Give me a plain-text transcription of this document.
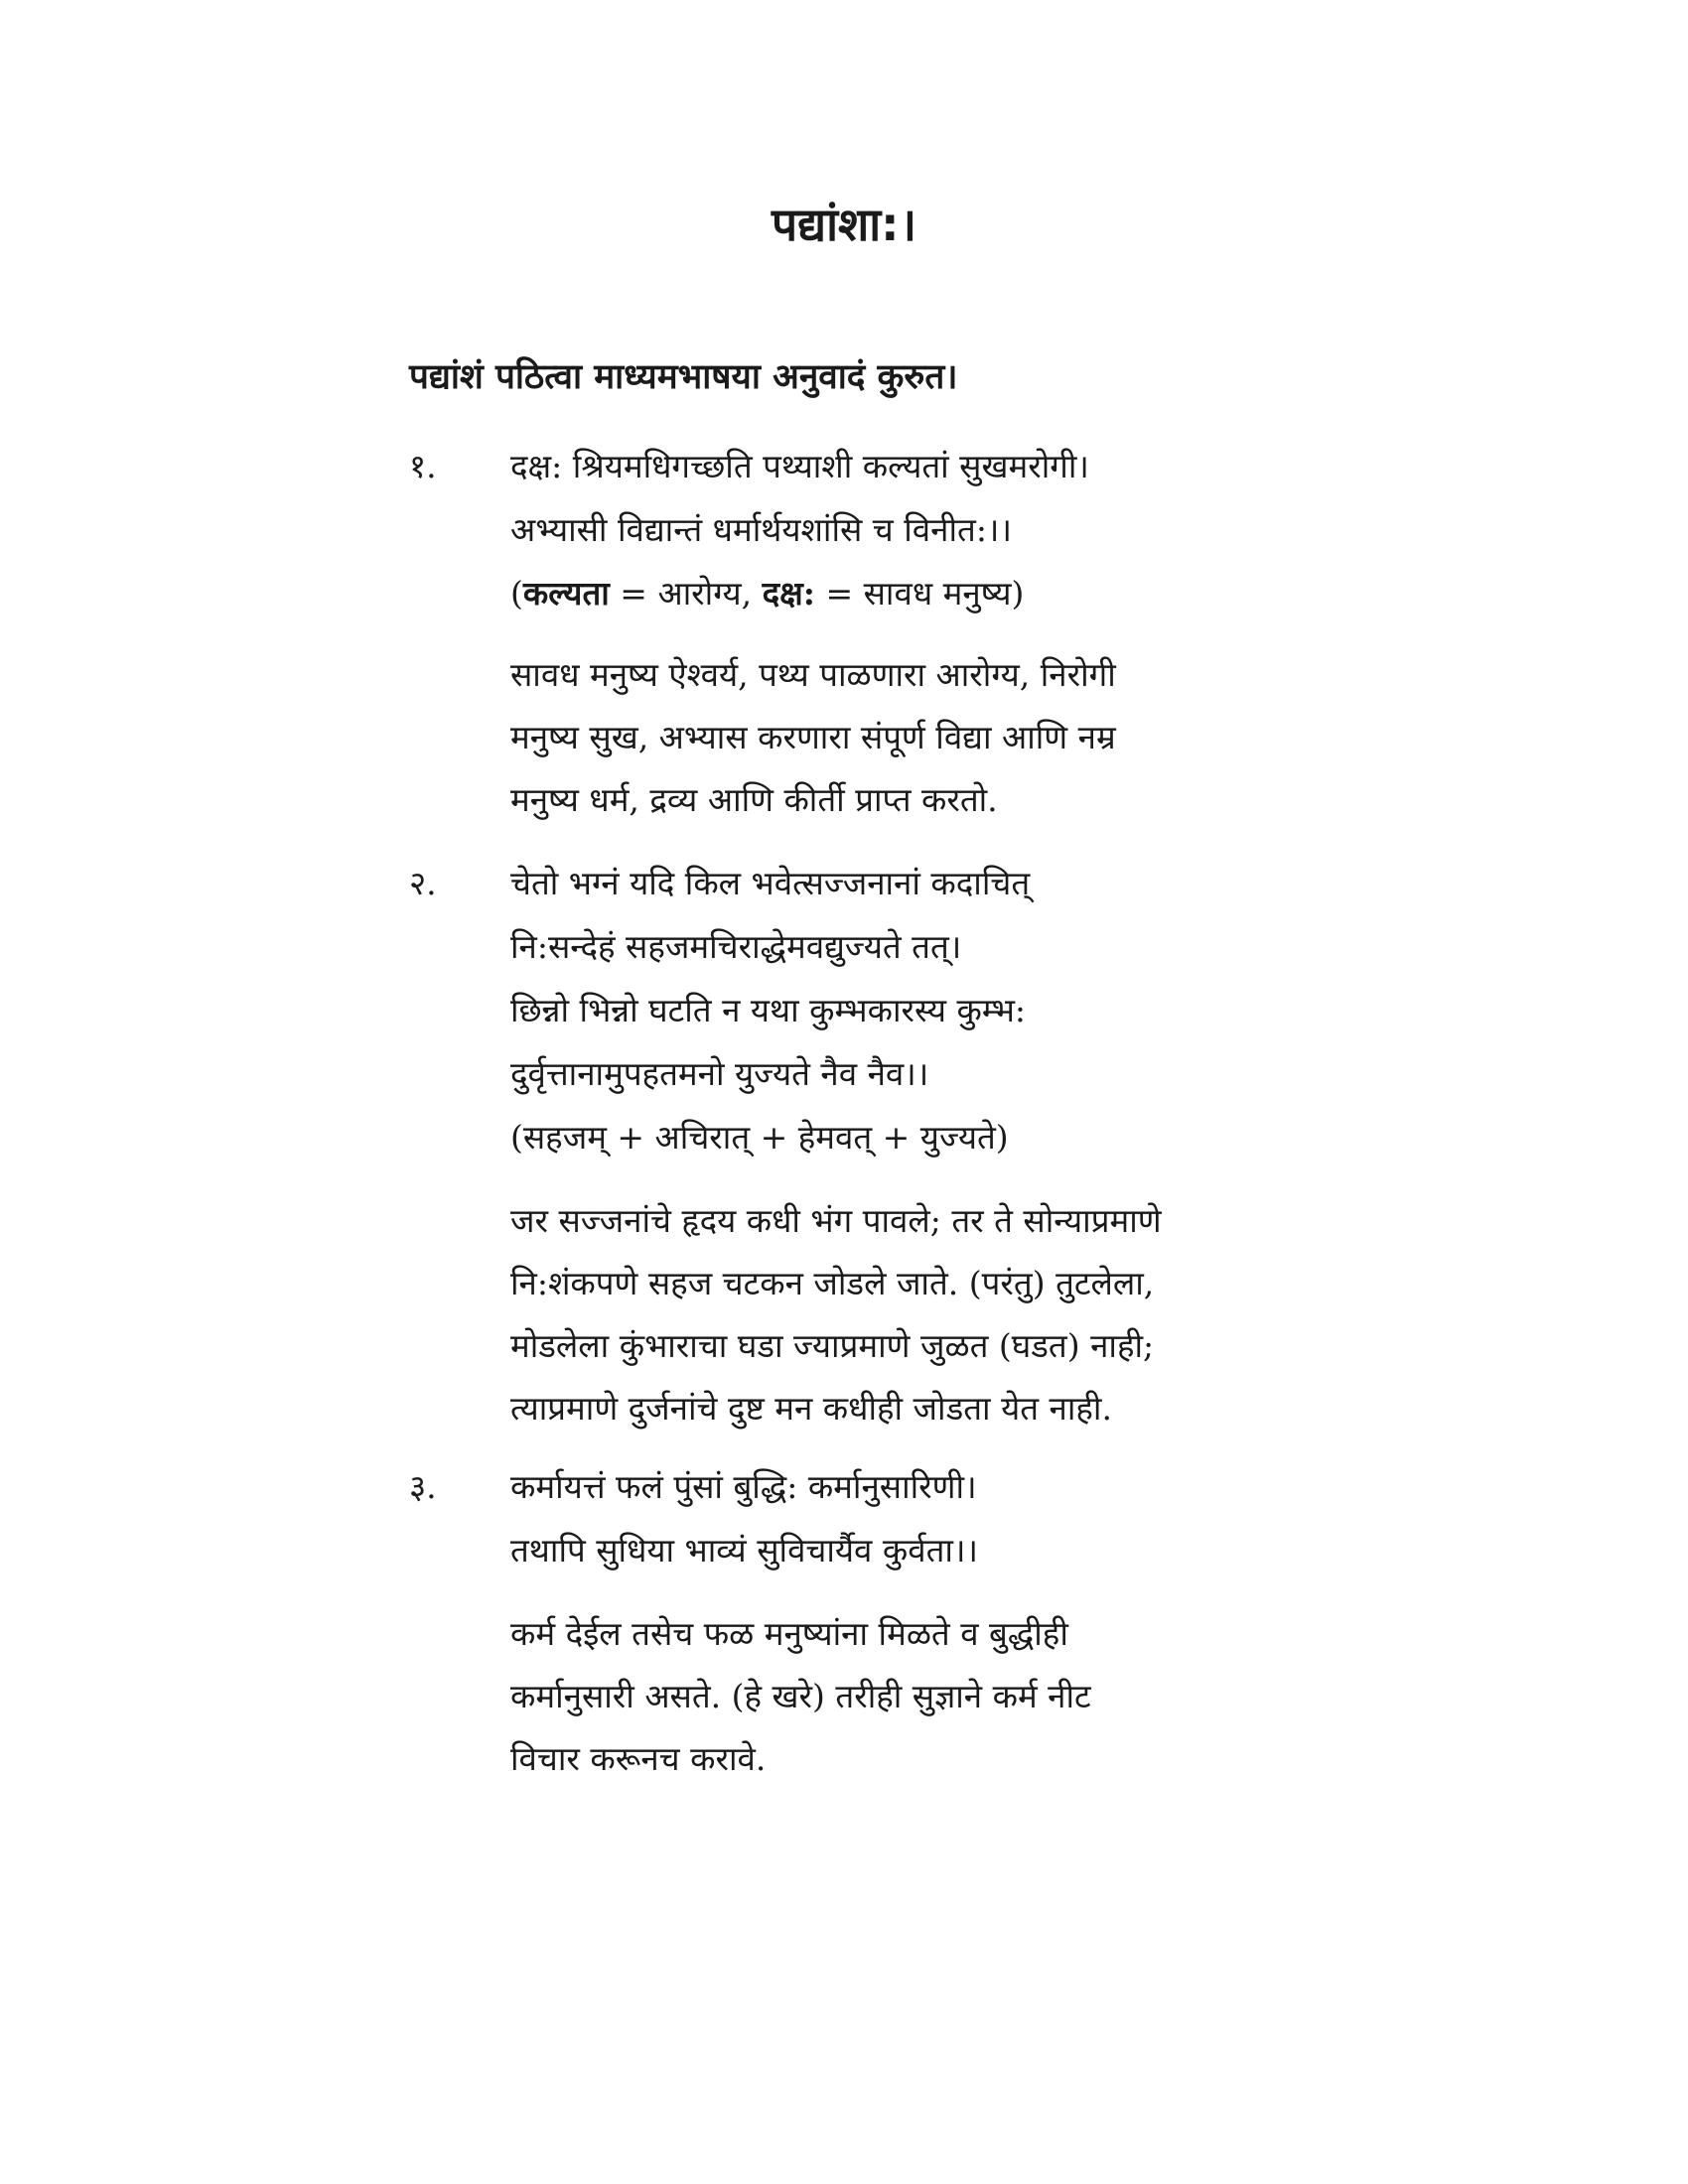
पद्यांशा:।
पद्यांशं पठित्वा माध्यमभाषया अनुवादं कुरुत।
१. दक्ष: श्रियमधिगच्छति पथ्याशी कल्यतां सुखमरोगी।
अभ्यासी विद्यान्तं धर्मार्थयशांसि च विनीत:।।
(कल्यता = आरोग्य, दक्ष: = सावध मनुष्य)
सावध मनुष्य ऐश्वर्य, पथ्य पाळणारा आरोग्य, निरोगी
मनुष्य सुख, अभ्यास करणारा संपूर्ण विद्या आणि नम्र
मनुष्य धर्म, द्रव्य आणि कीर्ती प्राप्त करतो.
२. चेतो भग्नं यदि किल भवेत्सज्जनानां कदाचित्
नि:सन्देहं सहजमचिराद्धेमवद्युज्यते तत्।
छिन्नो भिन्नो घटति न यथा कुम्भकारस्य कुम्भ:
दुर्वृत्तानामुपहतमनो युज्यते नैव नैव।।
(सहजम् + अचिरात् + हेमवत् + युज्यते)
जर सज्जनांचे हृदय कधी भंग पावले; तर ते सोन्याप्रमाणे
नि:शंकपणे सहज चटकन जोडले जाते. (परंतु) तुटलेला,
मोडलेला कुंभाराचा घडा ज्याप्रमाणे जुळत (घडत) नाही;
त्याप्रमाणे दुर्जनांचे दुष्ट मन कधीही जोडता येत नाही.
३. कर्मायत्तं फलं पुंसां बुद्धि: कर्मानुसारिणी।
तथापि सुधिया भाव्यं सुविचार्यैव कुर्वता।।
कर्म देईल तसेच फळ मनुष्यांना मिळते व बुद्धीही
कर्मानुसारी असते. (हे खरे) तरीही सुज्ञाने कर्म नीट
विचार करूनच करावे.
